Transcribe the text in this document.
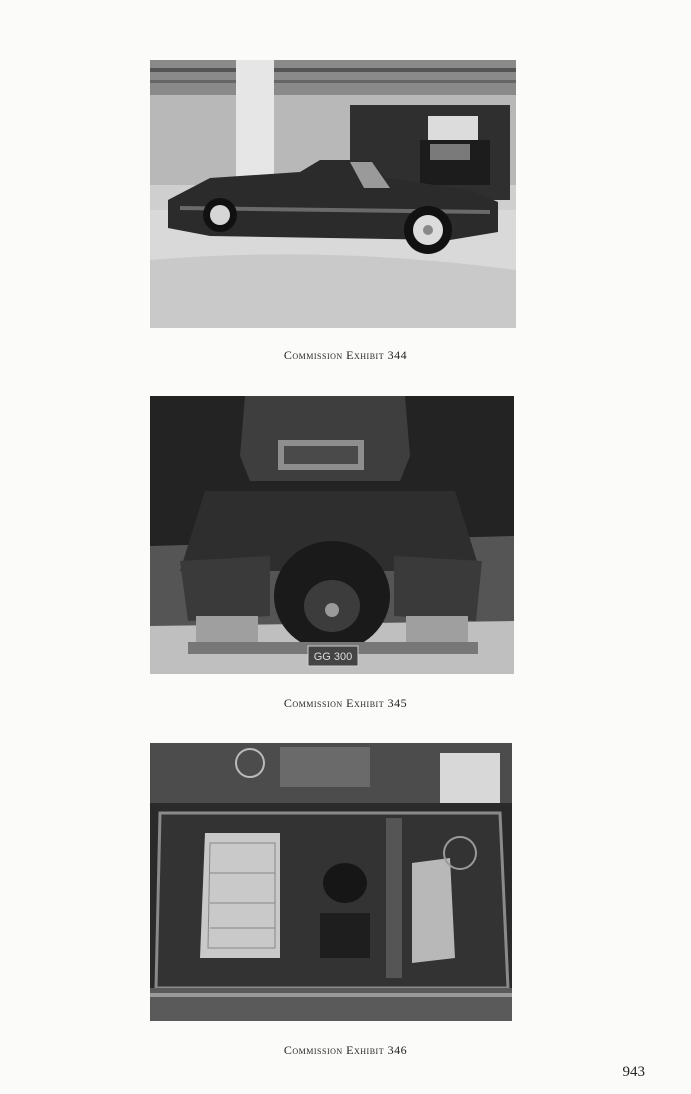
Commission Exhibit 344
GG 300
Commission Exhibit 345
Commission Exhibit 346
943
